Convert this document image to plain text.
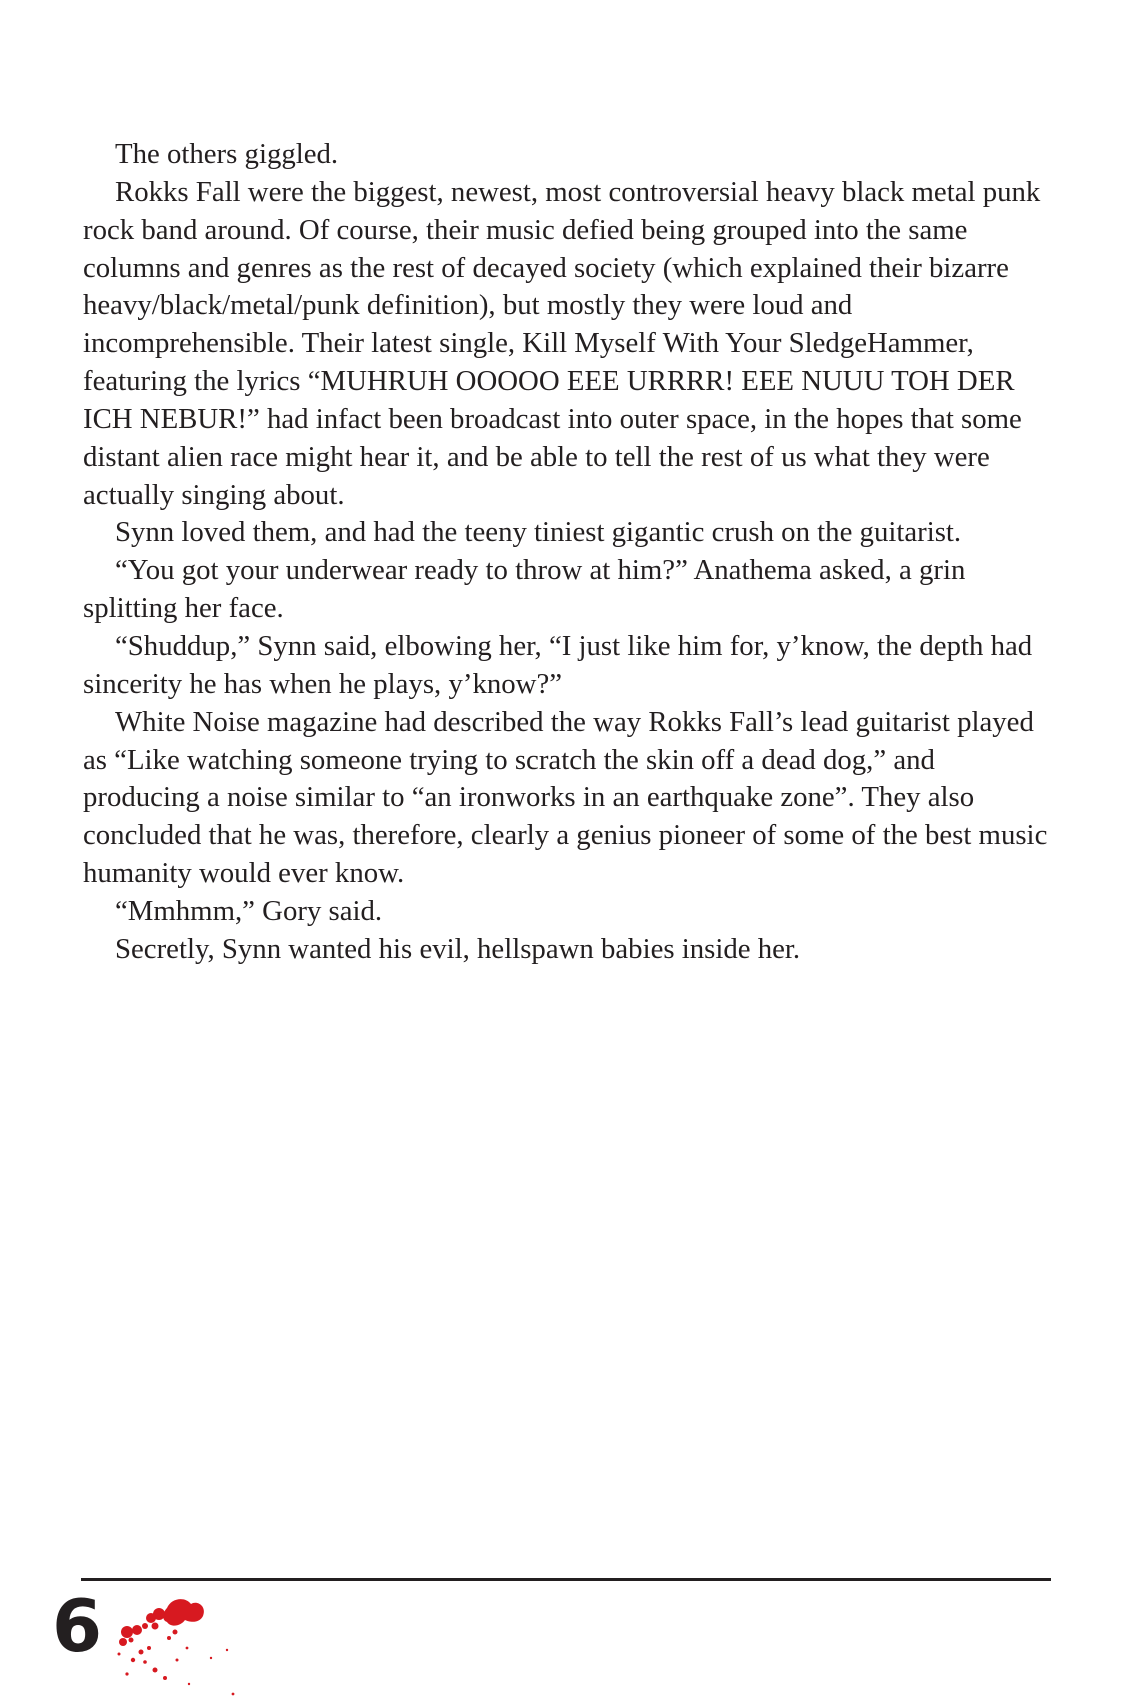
The others giggled.

Rokks Fall were the biggest, newest, most controversial heavy black metal punk rock band around. Of course, their music defied being grouped into the same columns and genres as the rest of decayed society (which explained their bizarre heavy/black/metal/punk definition), but mostly they were loud and incomprehensible. Their latest single, Kill Myself With Your SledgeHammer, featuring the lyrics “MUHRUH OOOOO EEE URRRR! EEE NUUU TOH DER ICH NEBUR!” had infact been broadcast into outer space, in the hopes that some distant alien race might hear it, and be able to tell the rest of us what they were actually singing about.

Synn loved them, and had the teeny tiniest gigantic crush on the guitarist.

“You got your underwear ready to throw at him?” Anathema asked, a grin splitting her face.

“Shuddup,” Synn said, elbowing her, “I just like him for, y’know, the depth had sincerity he has when he plays, y’know?”

White Noise magazine had described the way Rokks Fall’s lead guitarist played as “Like watching someone trying to scratch the skin off a dead dog,” and producing a noise similar to “an ironworks in an earthquake zone”. They also concluded that he was, therefore, clearly a genius pioneer of some of the best music humanity would ever know.

“Mmhmm,” Gory said.

Secretly, Synn wanted his evil, hellspawn babies inside her.

6
